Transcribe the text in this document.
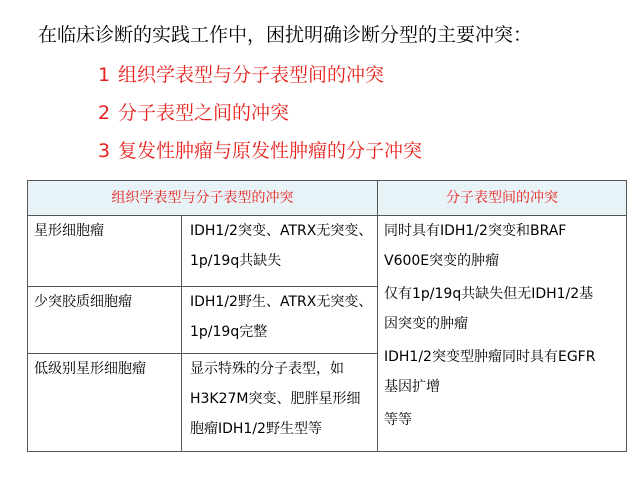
在临床诊断的实践工作中，困扰明确诊断分型的主要冲突：
1 组织学表型与分子表型间的冲突
2 分子表型之间的冲突
3 复发性肿瘤与原发性肿瘤的分子冲突
组织学表型与分子表型的冲突	分子表型间的冲突
星形细胞瘤	IDH1/2突变、ATRX无突变、
1p/19q共缺失
少突胶质细胞瘤	IDH1/2野生、ATRX无突变、
1p/19q完整
低级别星形细胞瘤	显示特殊的分子表型，如
H3K27M突变、肥胖星形细
胞瘤IDH1/2野生型等
同时具有IDH1/2突变和BRAF
V600E突变的肿瘤
仅有1p/19q共缺失但无IDH1/2基
因突变的肿瘤
IDH1/2突变型肿瘤同时具有EGFR
基因扩增
等等
